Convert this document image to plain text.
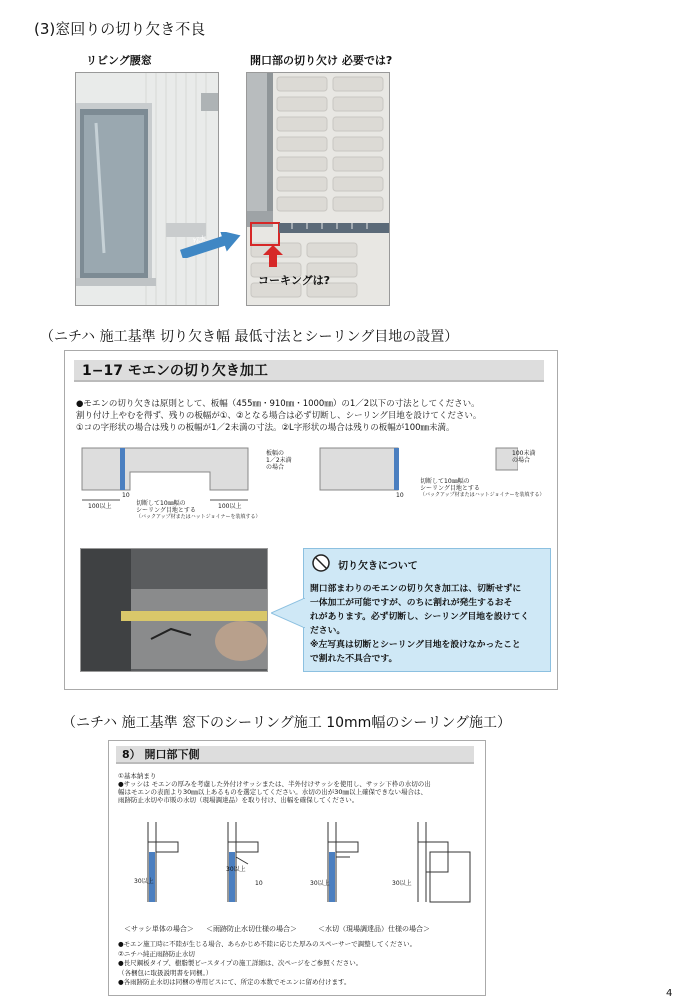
(3)窓回りの切り欠き不良
リビング腰窓	開口部の切り欠け 必要では?
拡大
コーキングは?
（ニチハ 施工基準 切り欠き幅 最低寸法とシーリング目地の設置）
1−17 モエンの切り欠き加工
●モエンの切り欠きは原則として、板幅（455㎜・910㎜・1000㎜）の1／2以下の寸法としてください。
割り付け上やむを得ず、残りの板幅が①、②となる場合は必ず切断し、シーリング目地を設けてください。
①コの字形状の場合は残りの板幅が1／2未満の寸法。②L字形状の場合は残りの板幅が100㎜未満。
板幅の
1／2未満
の場合
100以上	100以上
10
切断して10㎜幅の
シーリング目地とする
（バックアップ材またはハットジョイナーを装填する）
100未満
の場合
10
切断して10㎜幅の
シーリング目地とする
（バックアップ材またはハットジョイナーを装填する）
切り欠きについて
開口部まわりのモエンの切り欠き加工は、切断せずに
一体加工が可能ですが、のちに割れが発生するおそ
れがあります。必ず切断し、シーリング目地を設けてく
ださい。
※左写真は切断とシーリング目地を設けなかったこと
で割れた不具合です。
（ニチハ 施工基準 窓下のシーリング施工 10mm幅のシーリング施工）
8） 開口部下側
①基本納まり
●サッシは モエンの厚みを考慮した外付けサッシまたは、半外付けサッシを使用し、サッシ下枠の水切の出
幅はモエンの表面より30㎜以上あるものを選定してください。水切の出が30㎜以上確保できない場合は、
雨跡防止水切や市販の水切（現場調達品）を取り付け、出幅を確保してください。
30以上	10
30以上
30以上	30以上
＜サッシ単体の場合＞ ＜雨跡防止水切仕様の場合＞	＜水切（現場調達品）仕様の場合＞
●モエン施工時に不陸が生じる場合、あらかじめ不陸に応じた厚みのスペーサーで調整してください。
②ニチハ純正雨跡防止水切
●長尺鋼板タイプ、樹脂製ビースタイプの施工詳細は、次ページをご参照ください。
（各梱包に取扱説明書を同梱。）
●各雨跡防止水切は同梱の専用ビスにて、所定の本数でモエンに留め付けます。
4
